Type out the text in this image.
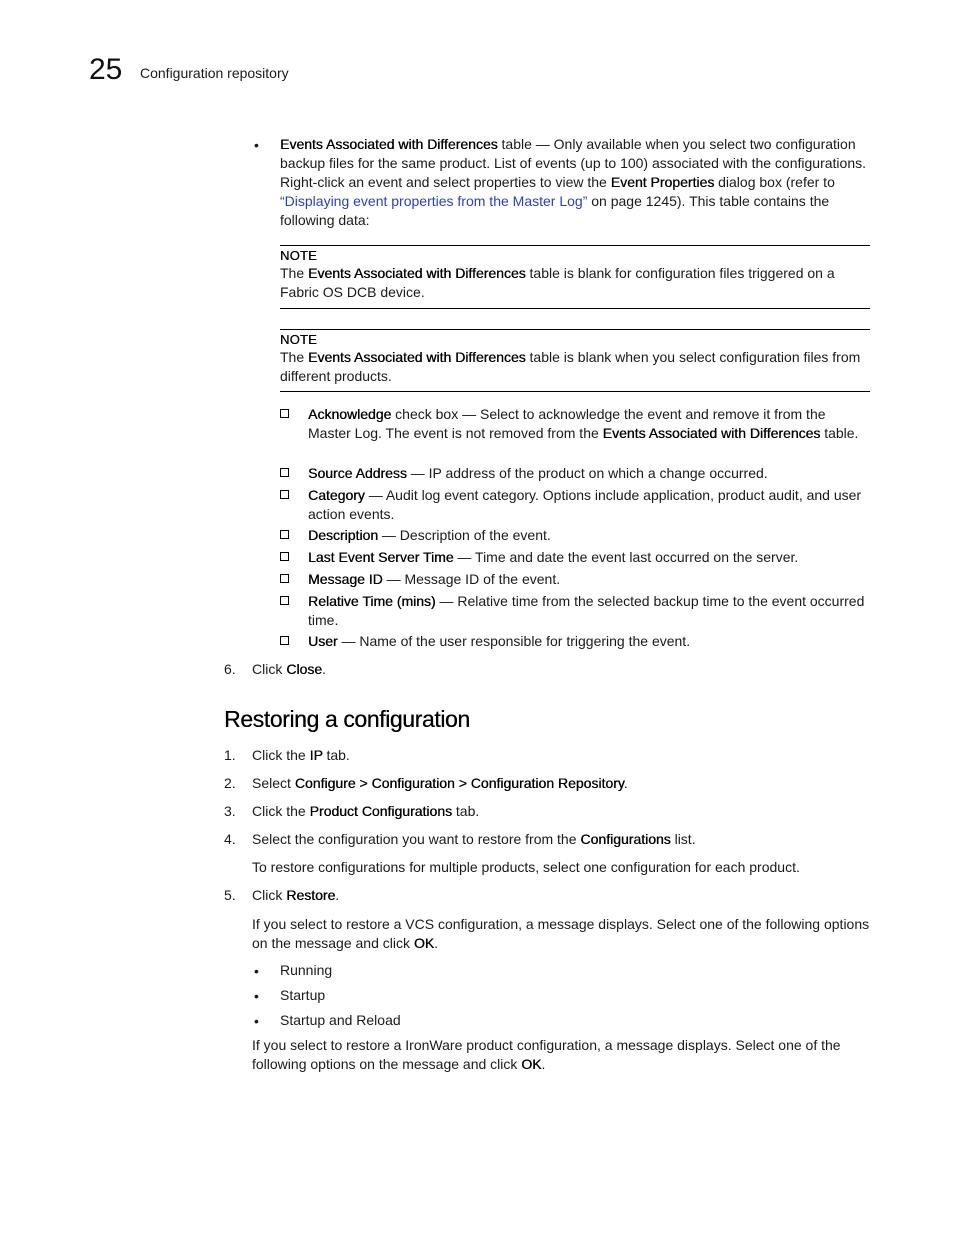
25 Configuration repository
• Events Associated with Differences table — Only available when you select two configuration backup files for the same product. List of events (up to 100) associated with the configurations. Right-click an event and select properties to view the Event Properties dialog box (refer to “Displaying event properties from the Master Log” on page 1245). This table contains the following data:
NOTE
The Events Associated with Differences table is blank for configuration files triggered on a Fabric OS DCB device.
NOTE
The Events Associated with Differences table is blank when you select configuration files from different products.
Acknowledge check box — Select to acknowledge the event and remove it from the Master Log. The event is not removed from the Events Associated with Differences table.
Source Address — IP address of the product on which a change occurred.
Category — Audit log event category. Options include application, product audit, and user action events.
Description — Description of the event.
Last Event Server Time — Time and date the event last occurred on the server.
Message ID — Message ID of the event.
Relative Time (mins) — Relative time from the selected backup time to the event occurred time.
User — Name of the user responsible for triggering the event.
6. Click Close.
Restoring a configuration
1. Click the IP tab.
2. Select Configure > Configuration > Configuration Repository.
3. Click the Product Configurations tab.
4. Select the configuration you want to restore from the Configurations list.
To restore configurations for multiple products, select one configuration for each product.
5. Click Restore.
If you select to restore a VCS configuration, a message displays. Select one of the following options on the message and click OK.
• Running
• Startup
• Startup and Reload
If you select to restore a IronWare product configuration, a message displays. Select one of the following options on the message and click OK.
